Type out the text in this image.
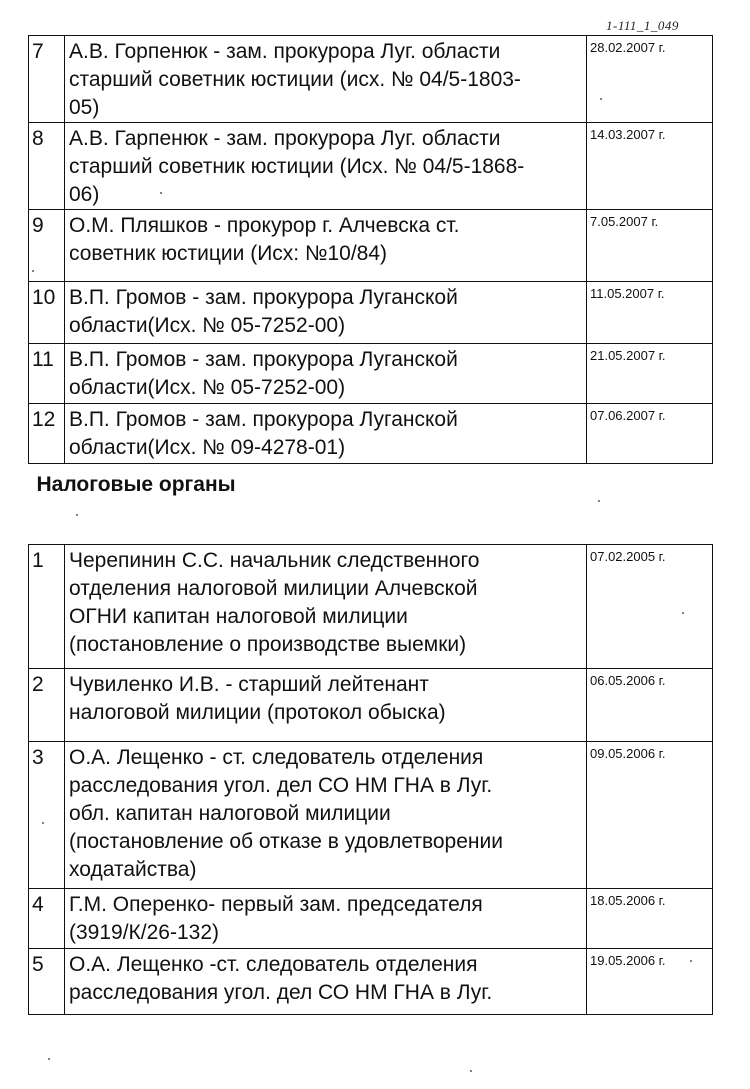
1-111_1_049
7	А.В. Горпенюк - зам. прокурора Луг. области
старший советник юстиции (исх. № 04/5-1803-
05)	28.02.2007 г.
8	А.В. Гарпенюк - зам. прокурора Луг. области
старший советник юстиции (Исх. № 04/5-1868-
06)	14.03.2007 г.
9	О.М. Пляшков - прокурор г. Алчевска ст.
советник юстиции (Исх: №10/84)	7.05.2007 г.
10	В.П. Громов - зам. прокурора Луганской
области(Исх. № 05-7252-00)	11.05.2007 г.
11	В.П. Громов - зам. прокурора Луганской
области(Исх. № 05-7252-00)	21.05.2007 г.
12	В.П. Громов - зам. прокурора Луганской
области(Исх. № 09-4278-01)	07.06.2007 г.
Налоговые органы		
1	Черепинин С.С. начальник следственного
отделения налоговой милиции Алчевской
ОГНИ капитан налоговой милиции
(постановление о производстве выемки)	07.02.2005 г.
2	Чувиленко И.В. - старший лейтенант
налоговой милиции (протокол обыска)	06.05.2006 г.
3	О.А. Лещенко - ст. следователь отделения
расследования угол. дел СО НМ ГНА в Луг.
обл. капитан налоговой милиции
(постановление об отказе в удовлетворении
ходатайства)	09.05.2006 г.
4	Г.М. Оперенко- первый зам. председателя
(3919/К/26-132)	18.05.2006 г.
5	О.А. Лещенко -ст. следователь отделения
расследования угол. дел СО НМ ГНА в Луг.	19.05.2006 г.
